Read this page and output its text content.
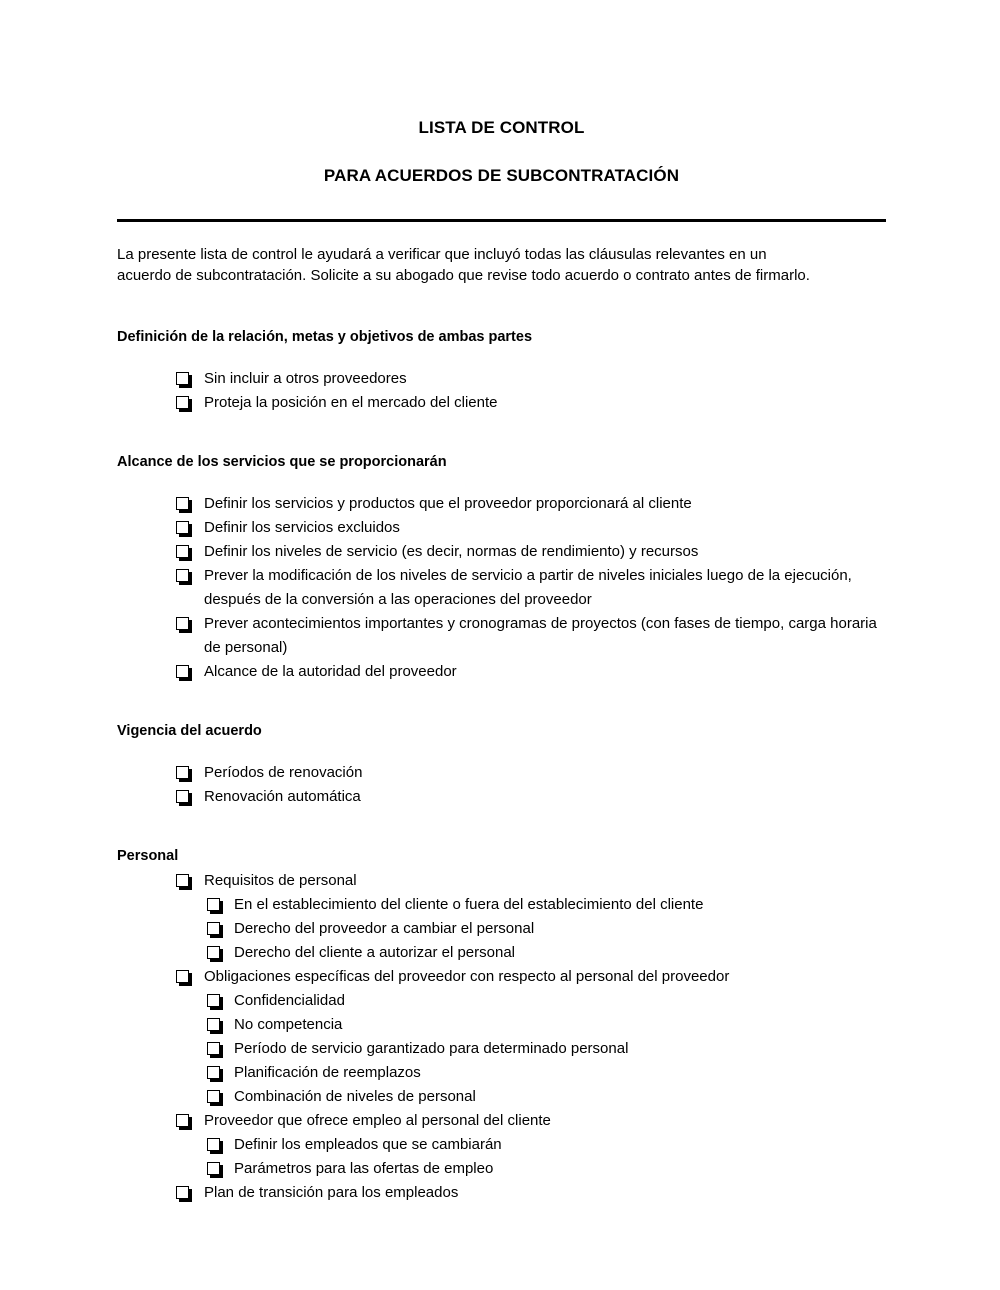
LISTA DE CONTROL
PARA ACUERDOS DE SUBCONTRATACIÓN

La presente lista de control le ayudará a verificar que incluyó todas las cláusulas relevantes en un
acuerdo de subcontratación. Solicite a su abogado que revise todo acuerdo o contrato antes de firmarlo.

Definición de la relación, metas y objetivos de ambas partes
Sin incluir a otros proveedores
Proteja la posición en el mercado del cliente
Alcance de los servicios que se proporcionarán
Definir los servicios y productos que el proveedor proporcionará al cliente
Definir los servicios excluidos
Definir los niveles de servicio (es decir, normas de rendimiento) y recursos
Prever la modificación de los niveles de servicio a partir de niveles iniciales luego de la ejecución, después de la conversión a las operaciones del proveedor
Prever acontecimientos importantes y cronogramas de proyectos (con fases de tiempo, carga horaria de personal)
Alcance de la autoridad del proveedor
Vigencia del acuerdo
Períodos de renovación
Renovación automática
Personal
Requisitos de personal
En el establecimiento del cliente o fuera del establecimiento del cliente
Derecho del proveedor a cambiar el personal
Derecho del cliente a autorizar el personal
Obligaciones específicas del proveedor con respecto al personal del proveedor
Confidencialidad
No competencia
Período de servicio garantizado para determinado personal
Planificación de reemplazos
Combinación de niveles de personal
Proveedor que ofrece empleo al personal del cliente
Definir los empleados que se cambiarán
Parámetros para las ofertas de empleo
Plan de transición para los empleados
